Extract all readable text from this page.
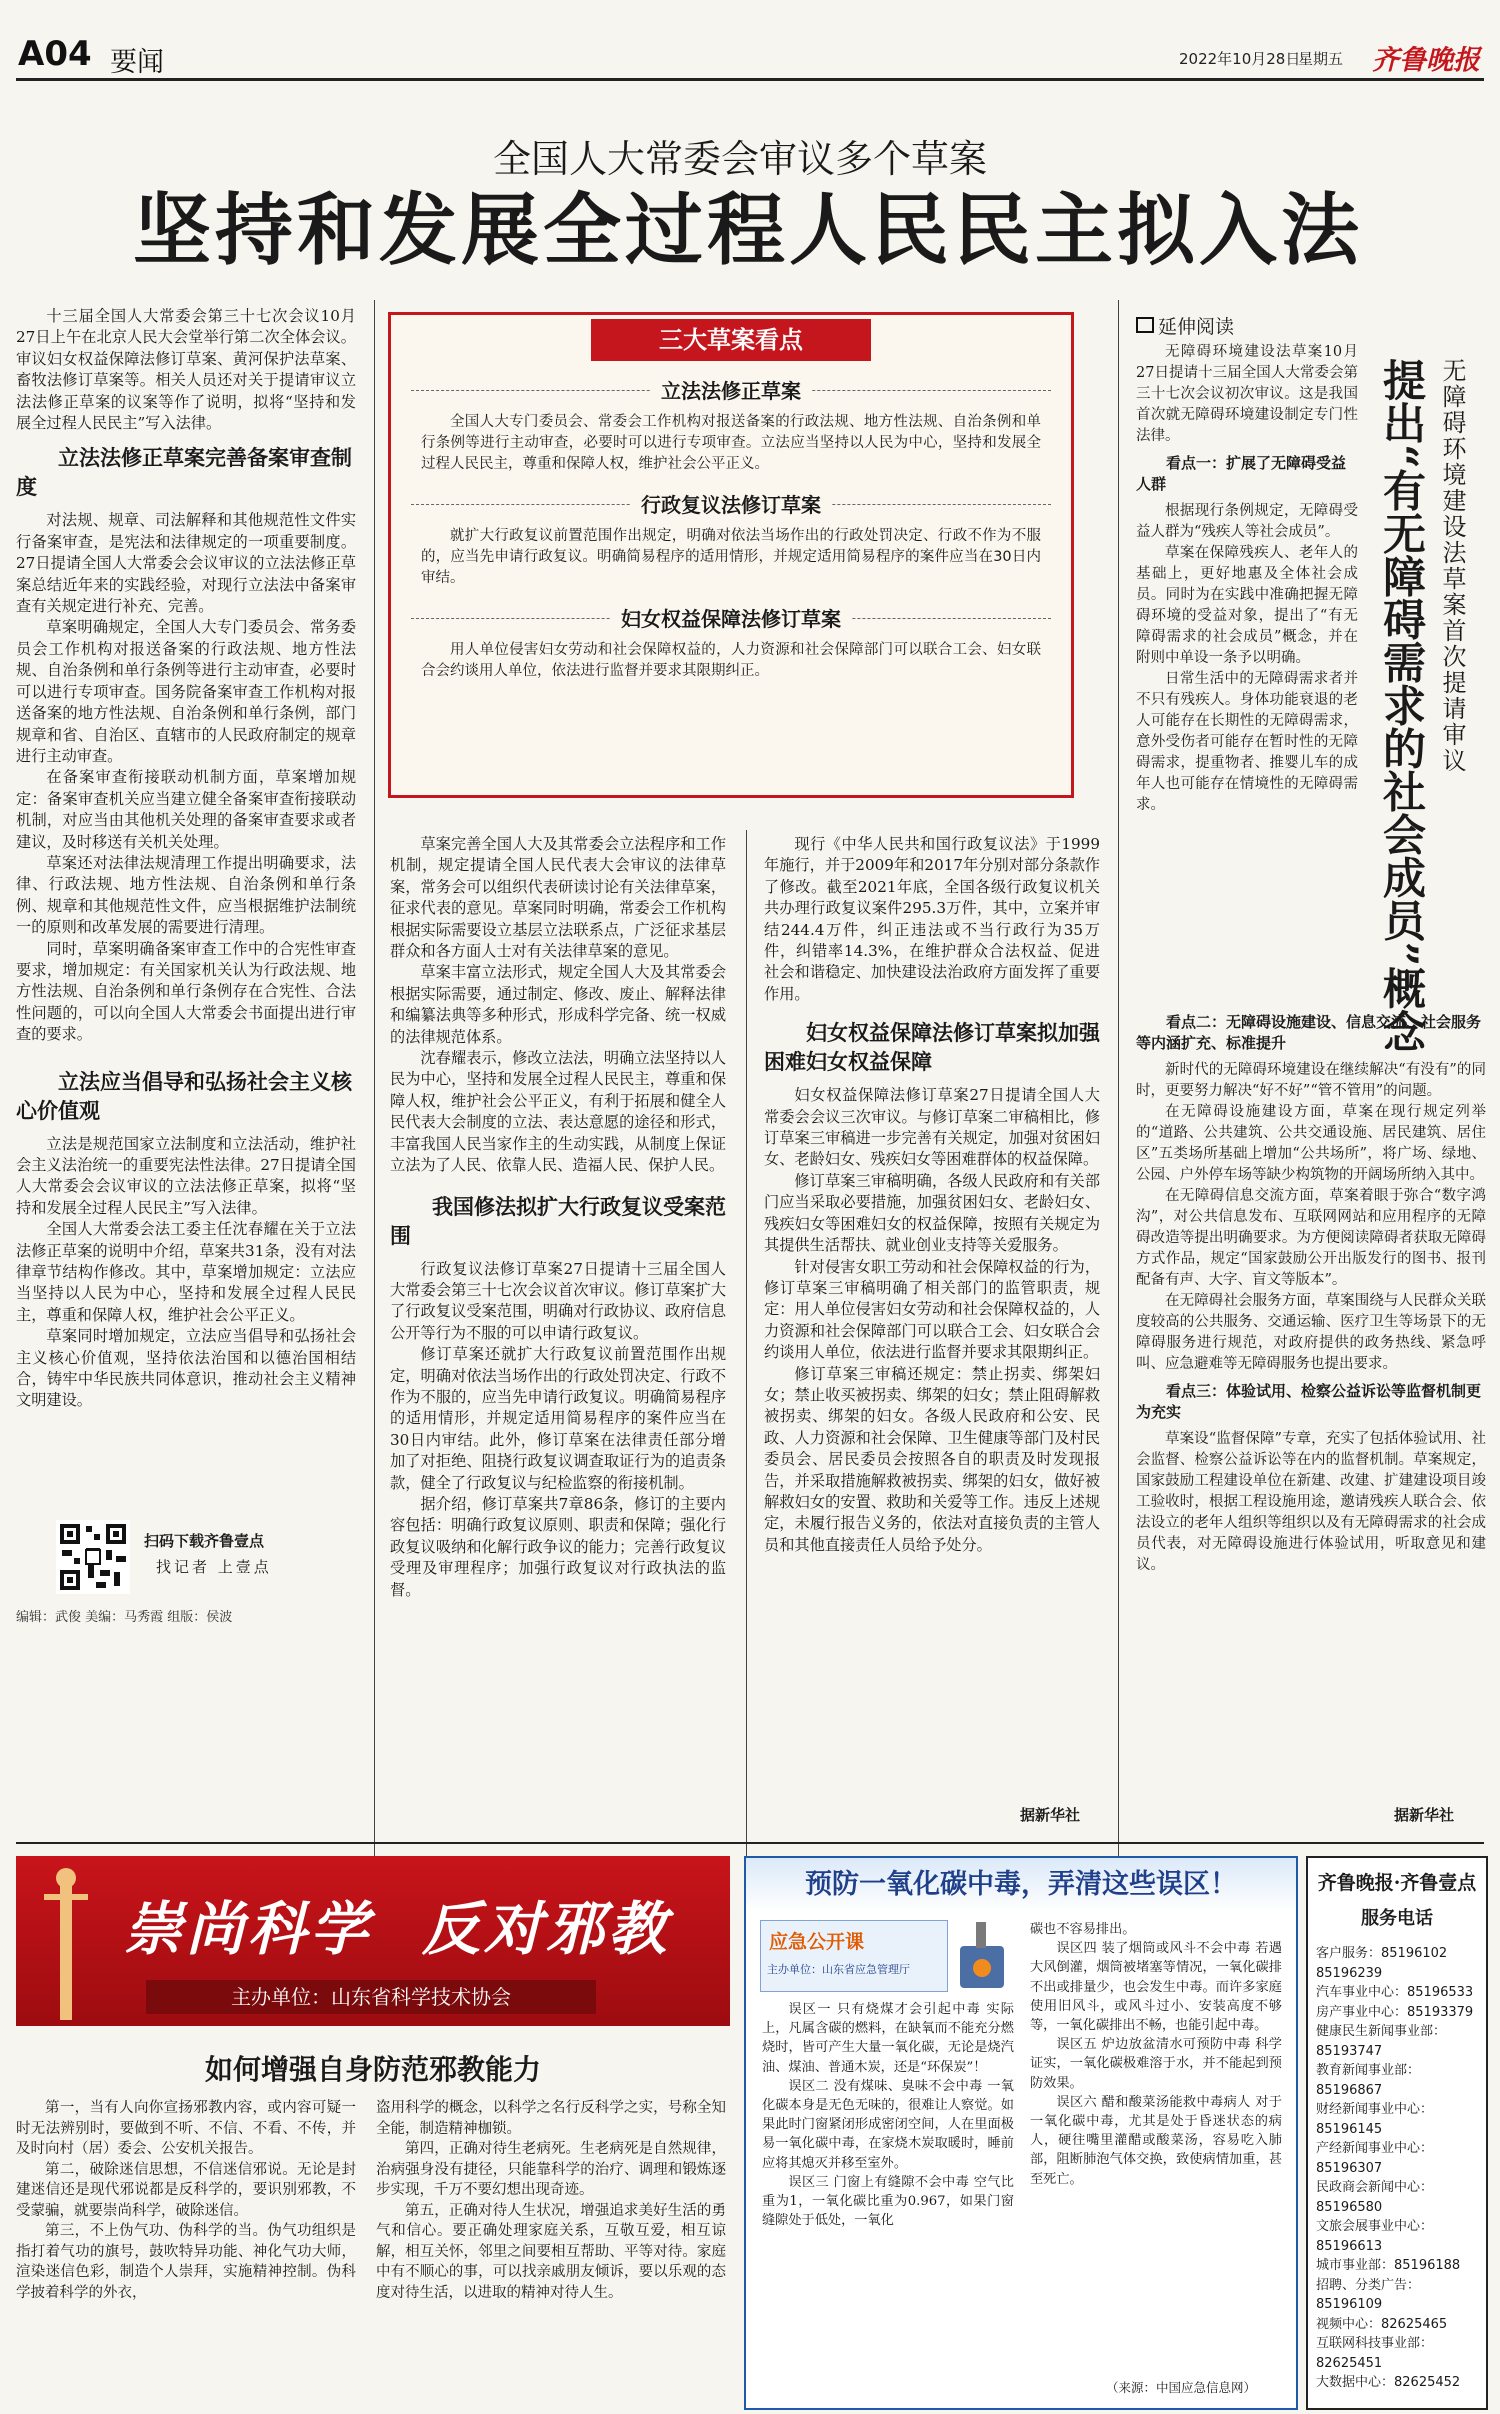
A04 要闻	2022年10月28日
星期五 齐鲁晚报
全国人大常委会审议多个草案
坚持和发展全过程人民民主拟入法

十三届全国人大常委会第三十七次会议10月27日上午在北京人民大会堂举行第二次全体会议。审议妇女权益保障法修订草案、黄河保护法草案、畜牧法修订草案等。相关人员还对关于提请审议立法法修正草案的议案等作了说明，拟将“坚持和发展全过程人民民主”写入法律。

立法法修正草案完善备案审查制度

对法规、规章、司法解释和其他规范性文件实行备案审查，是宪法和法律规定的一项重要制度。27日提请全国人大常委会会议审议的立法法修正草案总结近年来的实践经验，对现行立法法中备案审查有关规定进行补充、完善。

草案明确规定，全国人大专门委员会、常务委员会工作机构对报送备案的行政法规、地方性法规、自治条例和单行条例等进行主动审查，必要时可以进行专项审查。国务院备案审查工作机构对报送备案的地方性法规、自治条例和单行条例，部门规章和省、自治区、直辖市的人民政府制定的规章进行主动审查。

在备案审查衔接联动机制方面，草案增加规定：备案审查机关应当建立健全备案审查衔接联动机制，对应当由其他机关处理的备案审查要求或者建议，及时移送有关机关处理。

草案还对法律法规清理工作提出明确要求，法律、行政法规、地方性法规、自治条例和单行条例、规章和其他规范性文件，应当根据维护法制统一的原则和改革发展的需要进行清理。

同时，草案明确备案审查工作中的合宪性审查要求，增加规定：有关国家机关认为行政法规、地方性法规、自治条例和单行条例存在合宪性、合法性问题的，可以向全国人大常委会书面提出进行审查的要求。

立法应当倡导和弘扬社会主义核心价值观

立法是规范国家立法制度和立法活动，维护社会主义法治统一的重要宪法性法律。27日提请全国人大常委会会议审议的立法法修正草案，拟将“坚持和发展全过程人民民主”写入法律。

全国人大常委会法工委主任沈春耀在关于立法法修正草案的说明中介绍，草案共31条，没有对法律章节结构作修改。其中，草案增加规定：立法应当坚持以人民为中心，坚持和发展全过程人民民主，尊重和保障人权，维护社会公平正义。

草案同时增加规定，立法应当倡导和弘扬社会主义核心价值观，坚持依法治国和以德治国相结合，铸牢中华民族共同体意识，推动社会主义精神文明建设。

扫码下载齐鲁壹点
找记者 上壹点
编辑：武俊 美编：马秀霞 组版：侯波
三大草案看点
立法法修正草案

全国人大专门委员会、常委会工作机构对报送备案的行政法规、地方性法规、自治条例和单行条例等进行主动审查，必要时可以进行专项审查。立法应当坚持以人民为中心，坚持和发展全过程人民民主，尊重和保障人权，维护社会公平正义。

行政复议法修订草案

就扩大行政复议前置范围作出规定，明确对依法当场作出的行政处罚决定、行政不作为不服的，应当先申请行政复议。明确简易程序的适用情形，并规定适用简易程序的案件应当在30日内审结。

妇女权益保障法修订草案

用人单位侵害妇女劳动和社会保障权益的，人力资源和社会保障部门可以联合工会、妇女联合会约谈用人单位，依法进行监督并要求其限期纠正。

草案完善全国人大及其常委会立法程序和工作机制，规定提请全国人民代表大会审议的法律草案，常务会可以组织代表研读讨论有关法律草案，征求代表的意见。草案同时明确，常委会工作机构根据实际需要设立基层立法联系点，广泛征求基层群众和各方面人士对有关法律草案的意见。

草案丰富立法形式，规定全国人大及其常委会根据实际需要，通过制定、修改、废止、解释法律和编纂法典等多种形式，形成科学完备、统一权威的法律规范体系。

沈春耀表示，修改立法法，明确立法坚持以人民为中心，坚持和发展全过程人民民主，尊重和保障人权，维护社会公平正义，有利于拓展和健全人民代表大会制度的立法、表达意愿的途径和形式，丰富我国人民当家作主的生动实践，从制度上保证立法为了人民、依靠人民、造福人民、保护人民。

我国修法拟扩大行政复议受案范围

行政复议法修订草案27日提请十三届全国人大常委会第三十七次会议首次审议。修订草案扩大了行政复议受案范围，明确对行政协议、政府信息公开等行为不服的可以申请行政复议。

修订草案还就扩大行政复议前置范围作出规定，明确对依法当场作出的行政处罚决定、行政不作为不服的，应当先申请行政复议。明确简易程序的适用情形，并规定适用简易程序的案件应当在30日内审结。此外，修订草案在法律责任部分增加了对拒绝、阻挠行政复议调查取证行为的追责条款，健全了行政复议与纪检监察的衔接机制。

据介绍，修订草案共7章86条，修订的主要内容包括：明确行政复议原则、职责和保障；强化行政复议吸纳和化解行政争议的能力；完善行政复议受理及审理程序；加强行政复议对行政执法的监督。

现行《中华人民共和国行政复议法》于1999年施行，并于2009年和2017年分别对部分条款作了修改。截至2021年底，全国各级行政复议机关共办理行政复议案件295.3万件，其中，立案并审结244.4万件，纠正违法或不当行政行为35万件，纠错率14.3%，在维护群众合法权益、促进社会和谐稳定、加快建设法治政府方面发挥了重要作用。

妇女权益保障法修订草案拟加强困难妇女权益保障

妇女权益保障法修订草案27日提请全国人大常委会会议三次审议。与修订草案二审稿相比，修订草案三审稿进一步完善有关规定，加强对贫困妇女、老龄妇女、残疾妇女等困难群体的权益保障。

修订草案三审稿明确，各级人民政府和有关部门应当采取必要措施，加强贫困妇女、老龄妇女、残疾妇女等困难妇女的权益保障，按照有关规定为其提供生活帮扶、就业创业支持等关爱服务。

针对侵害女职工劳动和社会保障权益的行为，修订草案三审稿明确了相关部门的监管职责，规定：用人单位侵害妇女劳动和社会保障权益的，人力资源和社会保障部门可以联合工会、妇女联合会约谈用人单位，依法进行监督并要求其限期纠正。

修订草案三审稿还规定：禁止拐卖、绑架妇女；禁止收买被拐卖、绑架的妇女；禁止阻碍解救被拐卖、绑架的妇女。各级人民政府和公安、民政、人力资源和社会保障、卫生健康等部门及村民委员会、居民委员会按照各自的职责及时发现报告，并采取措施解救被拐卖、绑架的妇女，做好被解救妇女的安置、救助和关爱等工作。违反上述规定，未履行报告义务的，依法对直接负责的主管人员和其他直接责任人员给予处分。

据新华社
延伸阅读
无障碍环境建设法草案首次提请审议
提出“有无障碍需求的社会成员”概念

无障碍环境建设法草案10月27日提请十三届全国人大常委会第三十七次会议初次审议。这是我国首次就无障碍环境建设制定专门性法律。

看点一：扩展了无障碍受益人群

根据现行条例规定，无障碍受益人群为“残疾人等社会成员”。

草案在保障残疾人、老年人的基础上，更好地惠及全体社会成员。同时为在实践中准确把握无障碍环境的受益对象，提出了“有无障碍需求的社会成员”概念，并在附则中单设一条予以明确。

日常生活中的无障碍需求者并不只有残疾人。身体功能衰退的老人可能存在长期性的无障碍需求，意外受伤者可能存在暂时性的无障碍需求，提重物者、推婴儿车的成年人也可能存在情境性的无障碍需求。

看点二：无障碍设施建设、信息交流、社会服务等内涵扩充、标准提升

新时代的无障碍环境建设在继续解决“有没有”的同时，更要努力解决“好不好”“管不管用”的问题。

在无障碍设施建设方面，草案在现行规定列举的“道路、公共建筑、公共交通设施、居民建筑、居住区”五类场所基础上增加“公共场所”，将广场、绿地、公园、户外停车场等缺少构筑物的开阔场所纳入其中。

在无障碍信息交流方面，草案着眼于弥合“数字鸿沟”，对公共信息发布、互联网网站和应用程序的无障碍改造等提出明确要求。为方便阅读障碍者获取无障碍方式作品，规定“国家鼓励公开出版发行的图书、报刊配备有声、大字、盲文等版本”。

在无障碍社会服务方面，草案围绕与人民群众关联度较高的公共服务、交通运输、医疗卫生等场景下的无障碍服务进行规范，对政府提供的政务热线、紧急呼叫、应急避难等无障碍服务也提出要求。

看点三：体验试用、检察公益诉讼等监督机制更为充实

草案设“监督保障”专章，充实了包括体验试用、社会监督、检察公益诉讼等在内的监督机制。草案规定，国家鼓励工程建设单位在新建、改建、扩建建设项目竣工验收时，根据工程设施用途，邀请残疾人联合会、依法设立的老年人组织等组织以及有无障碍需求的社会成员代表，对无障碍设施进行体验试用，听取意见和建议。

据新华社
崇尚科学 反对邪教
主办单位：山东省科学技术协会
如何增强自身防范邪教能力

第一，当有人向你宣扬邪教内容，或内容可疑一时无法辨别时，要做到不听、不信、不看、不传，并及时向村（居）委会、公安机关报告。

第二，破除迷信思想，不信迷信邪说。无论是封建迷信还是现代邪说都是反科学的，要识别邪教，不受蒙骗，就要崇尚科学，破除迷信。

第三，不上伪气功、伪科学的当。伪气功组织是指打着气功的旗号，鼓吹特异功能、神化气功大师，渲染迷信色彩，制造个人崇拜，实施精神控制。伪科学披着科学的外衣，

盗用科学的概念，以科学之名行反科学之实，号称全知全能，制造精神枷锁。

第四，正确对待生老病死。生老病死是自然规律，治病强身没有捷径，只能靠科学的治疗、调理和锻炼逐步实现，千万不要幻想出现奇迹。

第五，正确对待人生状况，增强追求美好生活的勇气和信心。要正确处理家庭关系，互敬互爱，相互谅解，相互关怀，邻里之间要相互帮助、平等对待。家庭中有不顺心的事，可以找亲戚朋友倾诉，要以乐观的态度对待生活，以进取的精神对待人生。

预防一氧化碳中毒，弄清这些误区！
应急公开课
主办单位：山东省应急管理厅

误区一 只有烧煤才会引起中毒 实际上，凡属含碳的燃料，在缺氧而不能充分燃烧时，皆可产生大量一氧化碳，无论是烧汽油、煤油、普通木炭，还是“环保炭”！

误区二 没有煤味、臭味不会中毒 一氧化碳本身是无色无味的，很难让人察觉。如果此时门窗紧闭形成密闭空间，人在里面极易一氧化碳中毒，在家烧木炭取暖时，睡前应将其熄灭并移至室外。

误区三 门窗上有缝隙不会中毒 空气比重为1，一氧化碳比重为0.967，如果门窗缝隙处于低处，一氧化

碳也不容易排出。

误区四 装了烟筒或风斗不会中毒 若遇大风倒灌，烟筒被堵塞等情况，一氧化碳排不出或排量少，也会发生中毒。而许多家庭使用旧风斗，或风斗过小、安装高度不够等，一氧化碳排出不畅，也能引起中毒。

误区五 炉边放盆清水可预防中毒 科学证实，一氧化碳极难溶于水，并不能起到预防效果。

误区六 醋和酸菜汤能救中毒病人 对于一氧化碳中毒，尤其是处于昏迷状态的病人，硬往嘴里灌醋或酸菜汤，容易吃入肺部，阻断肺泡气体交换，致使病情加重，甚至死亡。

（来源：中国应急信息网）
齐鲁晚报·齐鲁壹点
服务电话
客户服务：85196102 85196239
汽车事业中心：85196533
房产事业中心：85193379
健康民生新闻事业部：85193747
教育新闻事业部：85196867
财经新闻事业中心：85196145
产经新闻事业中心：85196307
民政商会新闻中心：85196580
文旅会展事业中心：85196613
城市事业部：85196188
招聘、分类广告：85196109
视频中心：82625465
互联网科技事业部：82625451
大数据中心：82625452
